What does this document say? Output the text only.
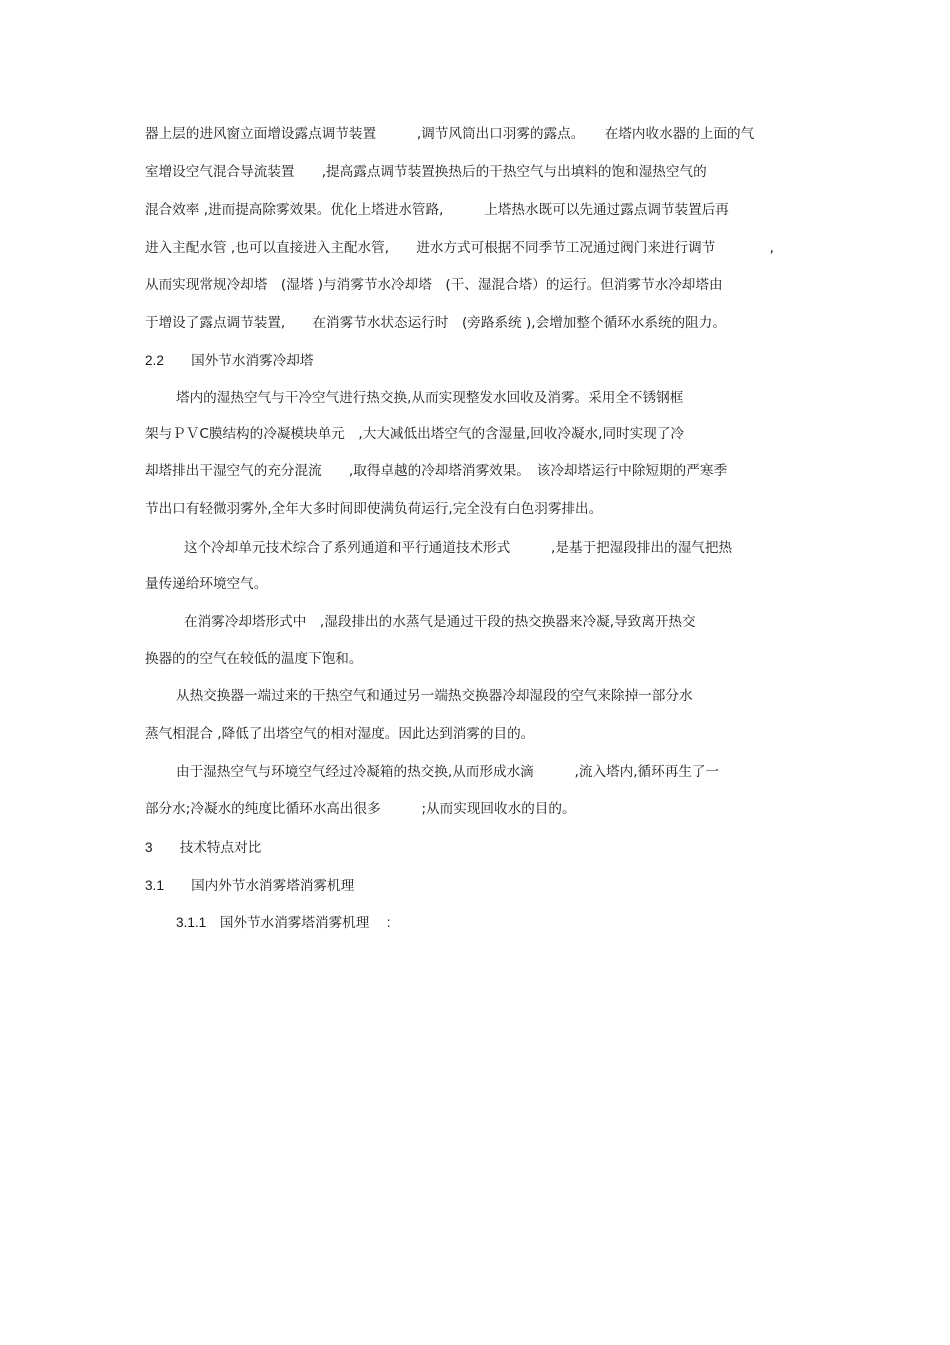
器上层的进风窗立面增设露点调节装置　　　,调节风筒出口羽雾的露点。　　在塔内收水器的上面的气
室增设空气混合导流装置　　,提高露点调节装置换热后的干热空气与出填料的饱和湿热空气的
混合效率 ,进而提高除雾效果。优化上塔进水管路,　　　上塔热水既可以先通过露点调节装置后再
进入主配水管 ,也可以直接进入主配水管,　　进水方式可根据不同季节工况通过阀门来进行调节　　　　,
从而实现常规冷却塔　(湿塔 )与消雾节水冷却塔　(干、湿混合塔）的运行。但消雾节水冷却塔由
于增设了露点调节装置,　　在消雾节水状态运行时　(旁路系统 ),会增加整个循环水系统的阻力。
2.2　　国外节水消雾冷却塔
塔内的湿热空气与干冷空气进行热交换,从而实现整发水回收及消雾。采用全不锈钢框
架与ＰＶC膜结构的冷凝模块单元　,大大减低出塔空气的含湿量,回收冷凝水,同时实现了冷
却塔排出干湿空气的充分混流　　,取得卓越的冷却塔消雾效果。　该冷却塔运行中除短期的严寒季
节出口有轻微羽雾外,全年大多时间即使满负荷运行,完全没有白色羽雾排出。
这个冷却单元技术综合了系列通道和平行通道技术形式　　　,是基于把湿段排出的湿气把热
量传递给环境空气。
在消雾冷却塔形式中　,湿段排出的水蒸气是通过干段的热交换器来冷凝,导致离开热交
换器的的空气在较低的温度下饱和。
从热交换器一端过来的干热空气和通过另一端热交换器冷却湿段的空气来除掉一部分水
蒸气相混合 ,降低了出塔空气的相对湿度。因此达到消雾的目的。
由于湿热空气与环境空气经过冷凝箱的热交换,从而形成水滴　　　,流入塔内,循环再生了一
部分水;冷凝水的纯度比循环水高出很多　　　;从而实现回收水的目的。
3　　技术特点对比
3.1　　国内外节水消雾塔消雾机理
3.1.1　国外节水消雾塔消雾机理　 :
